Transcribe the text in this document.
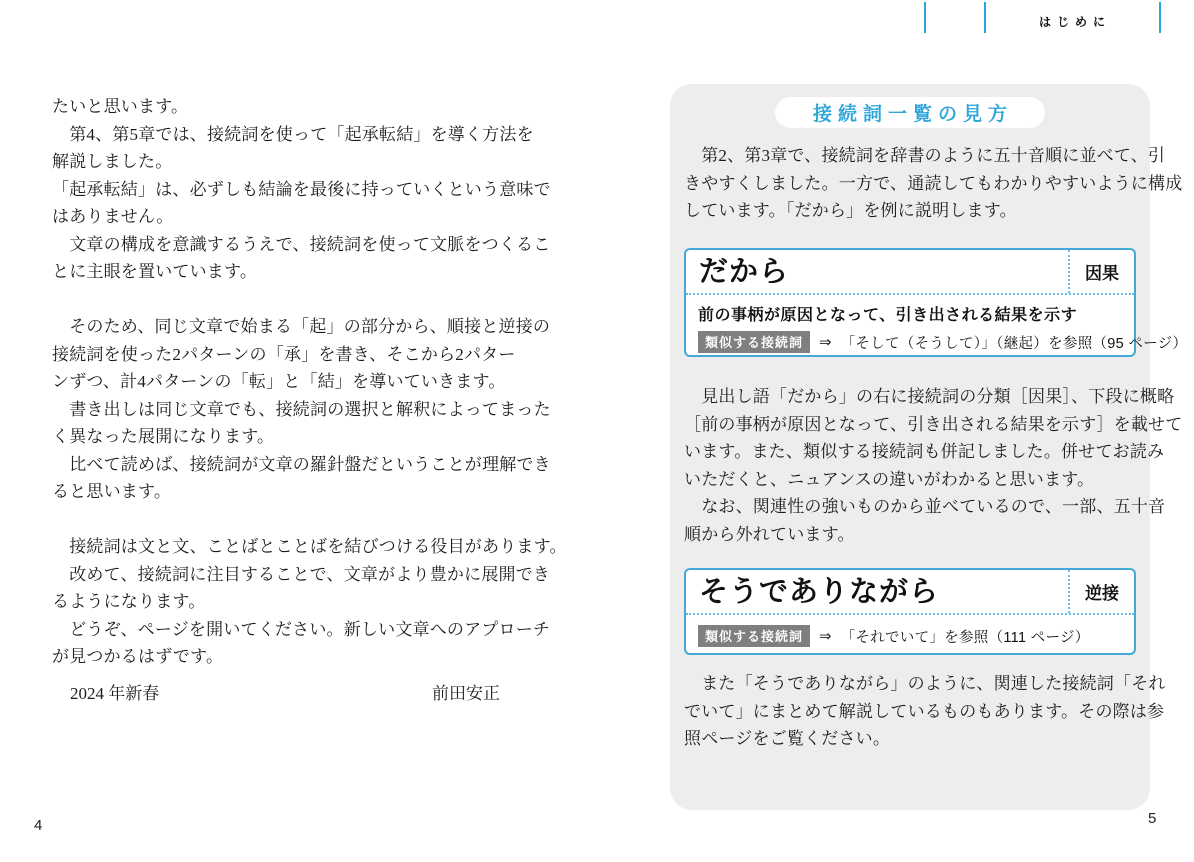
はじめに
たいと思います。
　第4、第5章では、接続詞を使って「起承転結」を導く方法を
解説しました。
「起承転結」は、必ずしも結論を最後に持っていくという意味で
はありません。
　文章の構成を意識するうえで、接続詞を使って文脈をつくるこ
とに主眼を置いています。
　そのため、同じ文章で始まる「起」の部分から、順接と逆接の
接続詞を使った2パターンの「承」を書き、そこから2パター
ンずつ、計4パターンの「転」と「結」を導いていきます。
　書き出しは同じ文章でも、接続詞の選択と解釈によってまった
く異なった展開になります。
　比べて読めば、接続詞が文章の羅針盤だということが理解でき
ると思います。
　接続詞は文と文、ことばとことばを結びつける役目があります。
　改めて、接続詞に注目することで、文章がより豊かに展開でき
るようになります。
　どうぞ、ページを開いてください。新しい文章へのアプローチ
が見つかるはずです。
2024 年新春	前田安正
4
接続詞一覧の見方
　第2、第3章で、接続詞を辞書のように五十音順に並べて、引
きやすくしました。一方で、通読してもわかりやすいように構成
しています。「だから」を例に説明します。
だから	因果
前の事柄が原因となって、引き出される結果を示す
類似する接続詞	⇒ 「そして（そうして）」（継起）を参照（95 ページ）
　見出し語「だから」の右に接続詞の分類［因果］、下段に概略
［前の事柄が原因となって、引き出される結果を示す］を載せて
います。また、類似する接続詞も併記しました。併せてお読み
いただくと、ニュアンスの違いがわかると思います。
　なお、関連性の強いものから並べているので、一部、五十音
順から外れています。
そうでありながら	逆接
類似する接続詞	⇒ 「それでいて」を参照（111 ページ）
　また「そうでありながら」のように、関連した接続詞「それ
でいて」にまとめて解説しているものもあります。その際は参
照ページをご覧ください。
5
